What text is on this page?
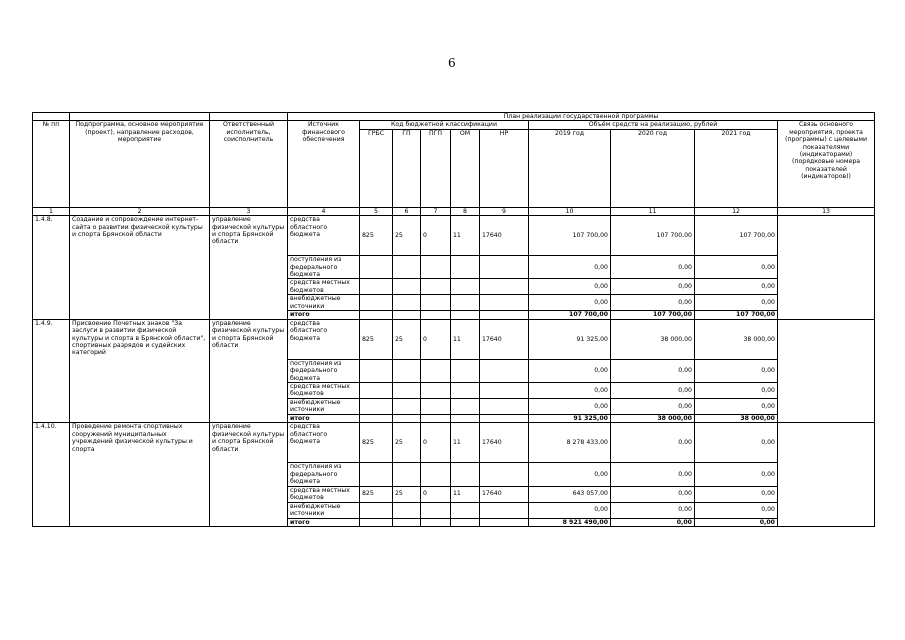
6
			План реализации государственной программы									
№ пп	Подпрограмма, основное мероприятие (проект), направление расходов, мероприятие	Ответственный исполнитель, соисполнитель	Источник финансового обеспечения	Код бюджетной классификации					Объём средств на реализацию, рублей			Связь основного мероприятия, проекта (программы) с целевыми показателями (индикаторами) (порядковые номера показателей (индикаторов))
				ГРБС	ГП	ПГП	ОМ	НР	2019 год	2020 год	2021 год	
1	2	3	4	5	6	7	8	9	10	11	12	13
1.4.8.	Создание и сопровождение интернет-сайта о развитии физической культуры и спорта Брянской области	управление физической культуры и спорта Брянской области	средства областного бюджета	825	25	0	11	17640	107 700,00	107 700,00	107 700,00	
			поступления из федерального бюджета						0,00	0,00	0,00	
			средства местных бюджетов						0,00	0,00	0,00	
			внебюджетные источники						0,00	0,00	0,00	
			итого						107 700,00	107 700,00	107 700,00	
1.4.9.	Присвоение Почетных знаков "За заслуги в развитии физической культуры и спорта в Брянской области", спортивных разрядов и судейских категорий	управление физической культуры и спорта Брянской области	средства областного бюджета	825	25	0	11	17640	91 325,00	38 000,00	38 000,00	
			поступления из федерального бюджета						0,00	0,00	0,00	
			средства местных бюджетов						0,00	0,00	0,00	
			внебюджетные источники						0,00	0,00	0,00	
			итого						91 325,00	38 000,00	38 000,00	
1.4.10.	Проведение ремонта спортивных сооружений муниципальных учреждений физической культуры и спорта	управление физической культуры и спорта Брянской области	средства областного бюджета	825	25	0	11	17640	8 278 433,00	0,00	0,00	
			поступления из федерального бюджета						0,00	0,00	0,00	
			средства местных бюджетов	825	25	0	11	17640	643 057,00	0,00	0,00	
			внебюджетные источники						0,00	0,00	0,00	
			итого						8 921 490,00	0,00	0,00	
